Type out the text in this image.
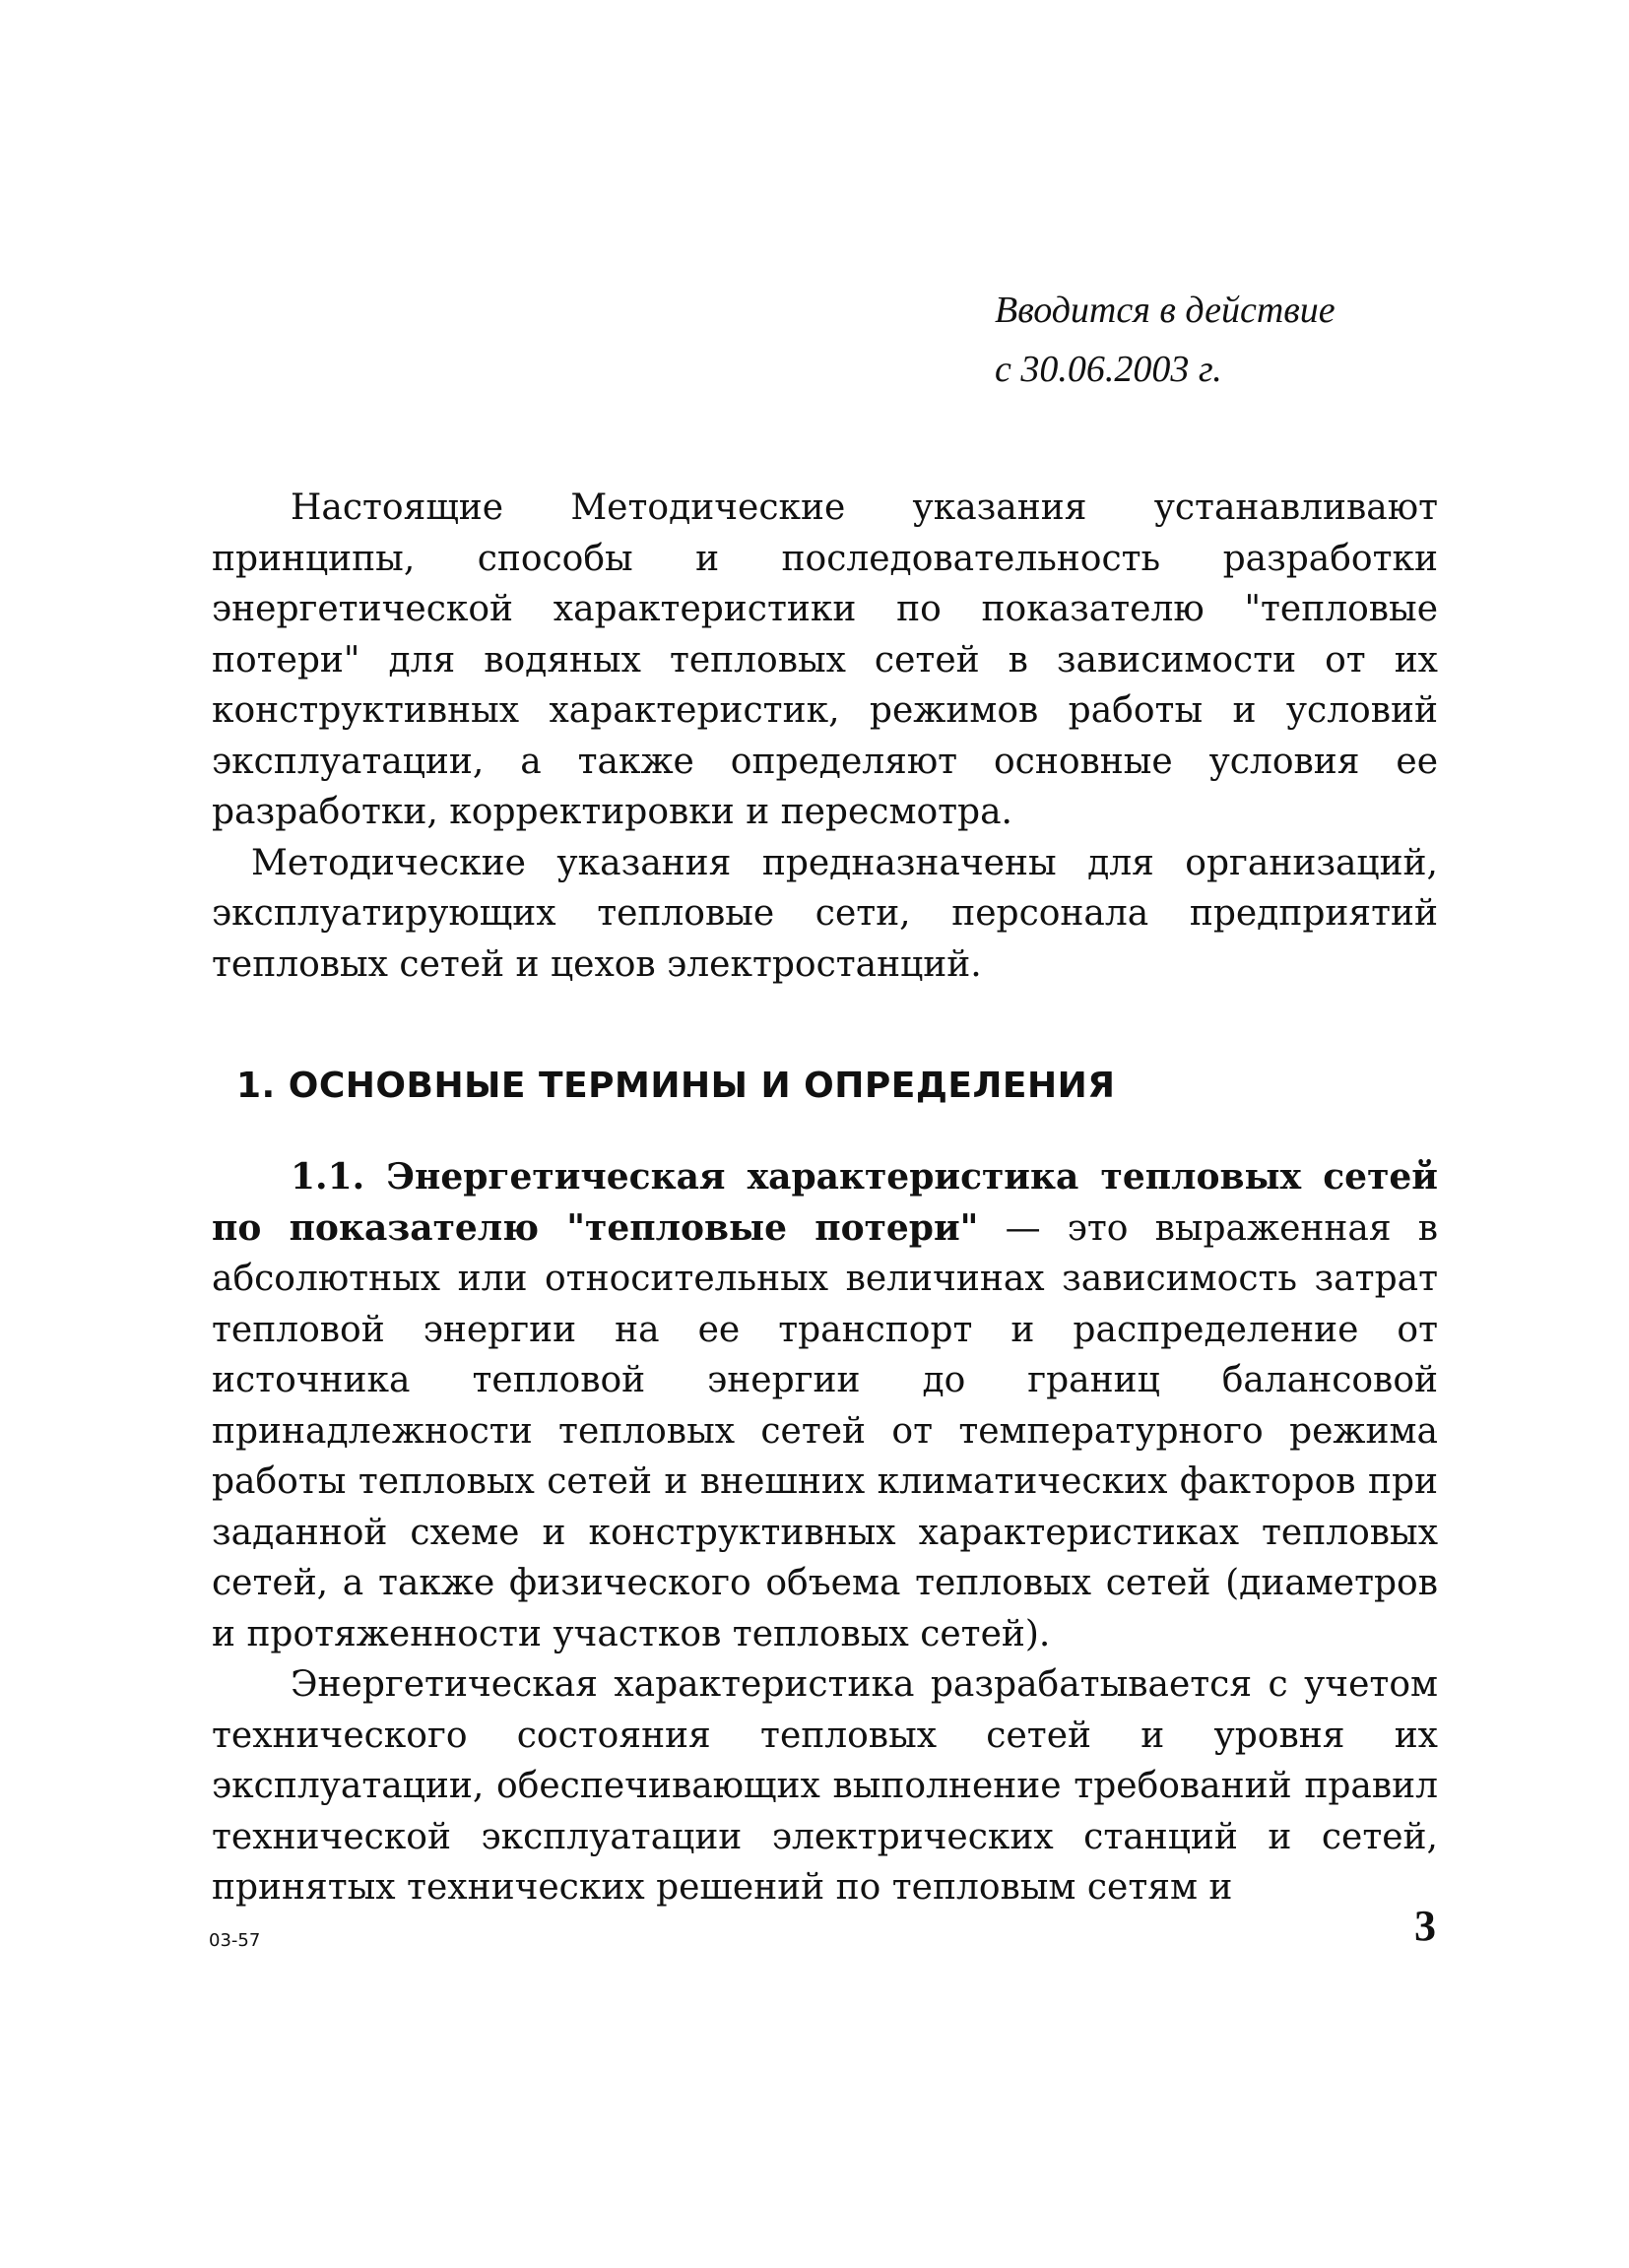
Вводится в действие
с 30.06.2003 г.

Настоящие Методические указания устанавливают принципы, способы и последовательность разработки энергетической характеристики по показателю "тепловые потери" для водяных тепловых сетей в зависимости от их конструктивных характеристик, режимов работы и условий эксплуатации, а также определяют основные условия ее разработки, корректировки и пересмотра.

Методические указания предназначены для организаций, эксплуатирующих тепловые сети, персонала предприятий тепловых сетей и цехов электростанций.

1. ОСНОВНЫЕ ТЕРМИНЫ И ОПРЕДЕЛЕНИЯ

1.1. Энергетическая характеристика тепловых сетей по показателю "тепловые потери" — это выраженная в абсолютных или относительных величинах зависимость затрат тепловой энергии на ее транспорт и распределение от источника тепловой энергии до границ балансовой принадлежности тепловых сетей от температурного режима работы тепловых сетей и внешних климатических факторов при заданной схеме и конструктивных характеристиках тепловых сетей, а также физического объема тепловых сетей (диаметров и протяженности участков тепловых сетей).

Энергетическая характеристика разрабатывается с учетом технического состояния тепловых сетей и уровня их эксплуатации, обеспечивающих выполнение требований правил технической эксплуатации электрических станций и сетей, принятых технических решений по тепловым сетям и

03-57	3
